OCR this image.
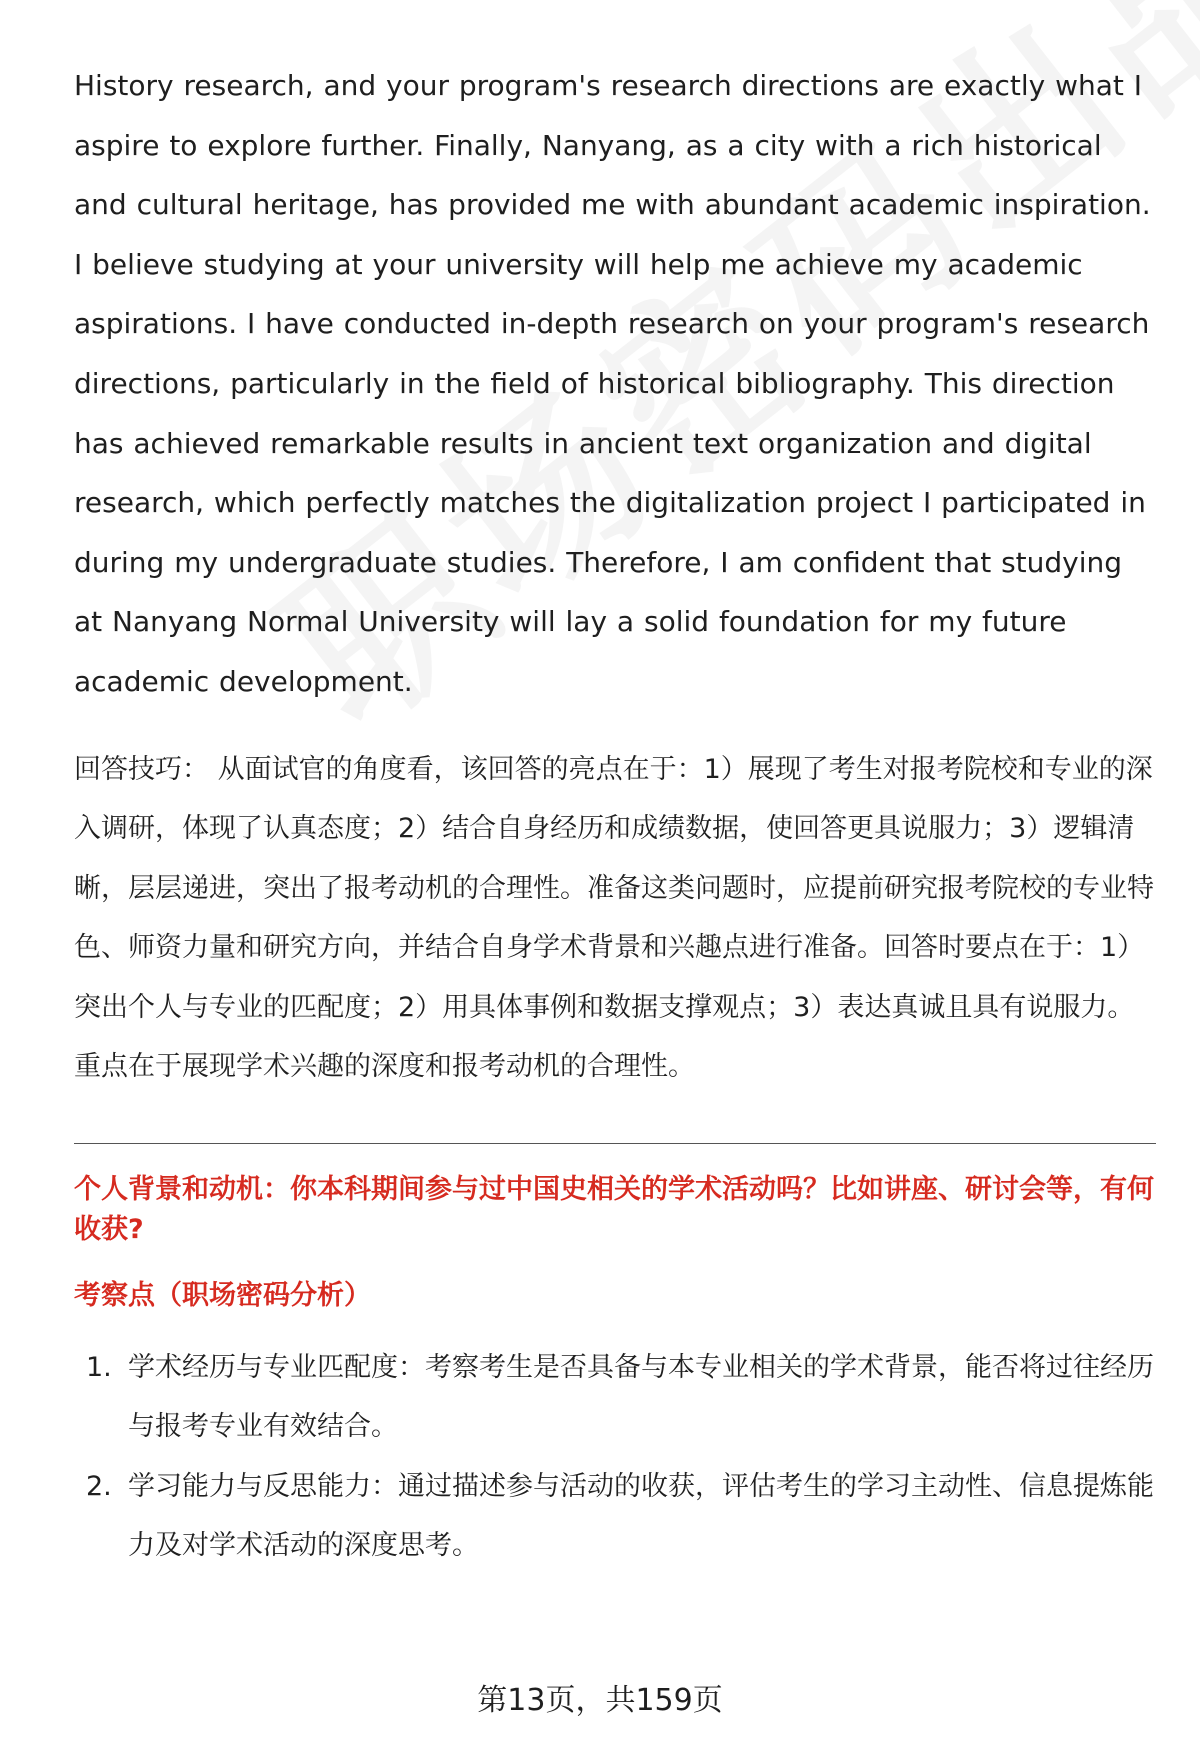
History research, and your program's research directions are exactly what I aspire to explore further. Finally, Nanyang, as a city with a rich historical and cultural heritage, has provided me with abundant academic inspiration. I believe studying at your university will help me achieve my academic aspirations. I have conducted in-depth research on your program's research directions, particularly in the field of historical bibliography. This direction has achieved remarkable results in ancient text organization and digital research, which perfectly matches the digitalization project I participated in during my undergraduate studies. Therefore, I am confident that studying at Nanyang Normal University will lay a solid foundation for my future academic development.

回答技巧： 从面试官的角度看，该回答的亮点在于：1）展现了考生对报考院校和专业的深入调研，体现了认真态度；2）结合自身经历和成绩数据，使回答更具说服力；3）逻辑清晰，层层递进，突出了报考动机的合理性。准备这类问题时，应提前研究报考院校的专业特色、师资力量和研究方向，并结合自身学术背景和兴趣点进行准备。回答时要点在于：1）突出个人与专业的匹配度；2）用具体事例和数据支撑观点；3）表达真诚且具有说服力。重点在于展现学术兴趣的深度和报考动机的合理性。

个人背景和动机：你本科期间参与过中国史相关的学术活动吗？比如讲座、研讨会等，有何收获?
考察点（职场密码分析）
1. 学术经历与专业匹配度：考察考生是否具备与本专业相关的学术背景，能否将过往经历与报考专业有效结合。
2. 学习能力与反思能力：通过描述参与活动的收获，评估考生的学习主动性、信息提炼能力及对学术活动的深度思考。
第13页，共159页
